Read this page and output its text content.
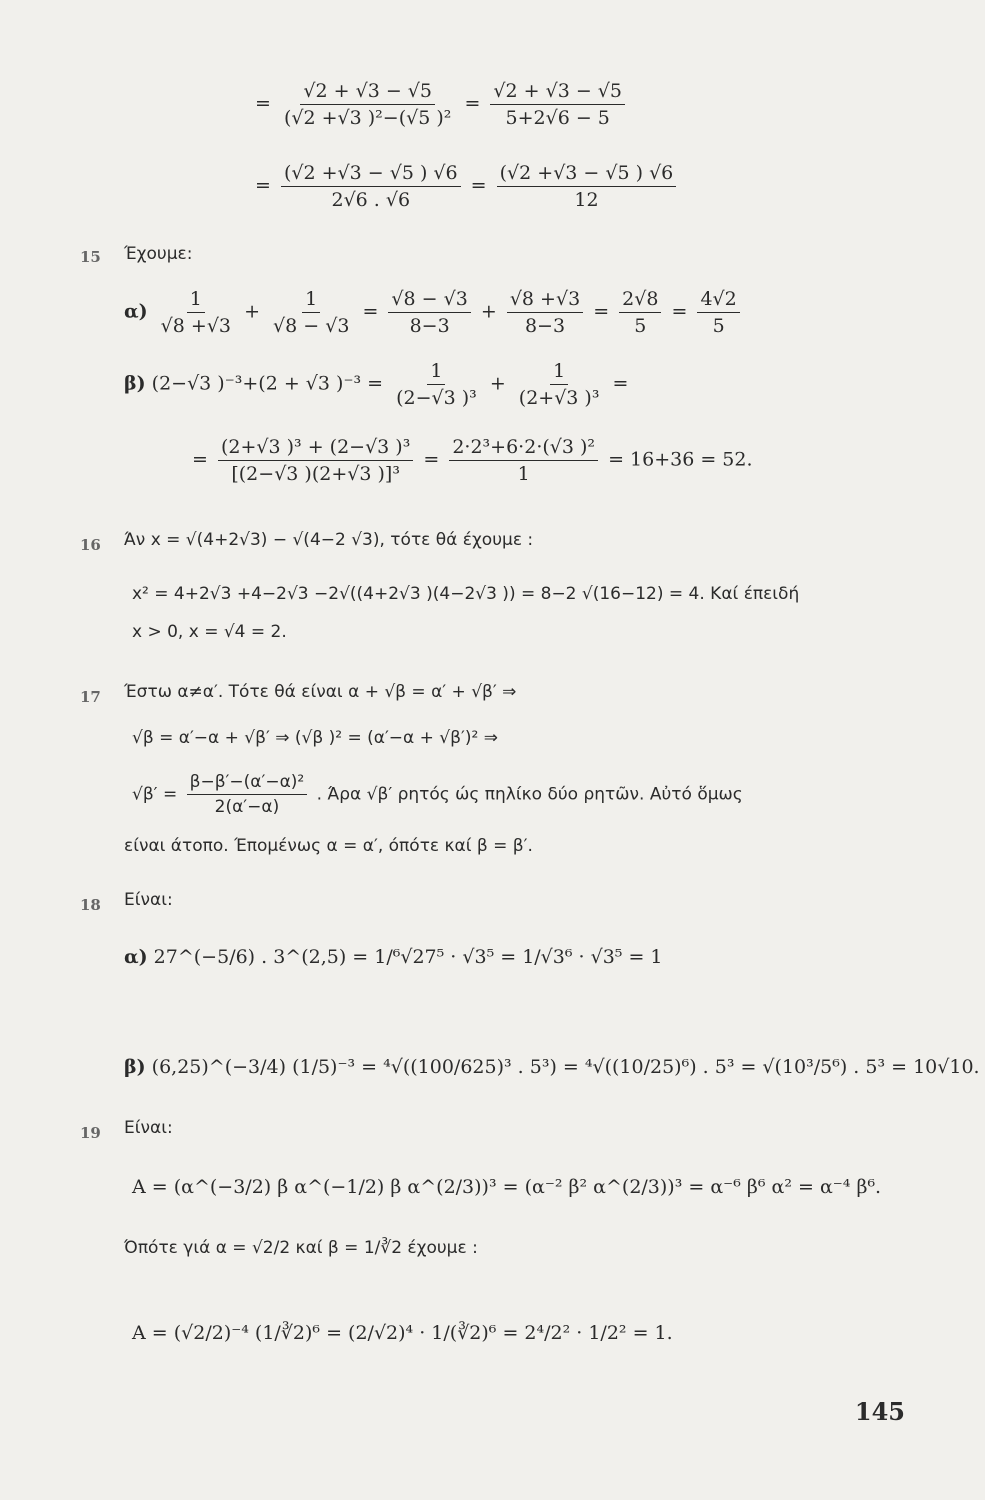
= $\frac{√2 + √3 - √5}{\text{(√2 +√3 )²−(√5 )²}} = \frac{√2 + √3 - √5}{5+2√6 - 5}$
= $\frac{(√2 +√3 - √5 ) √6}{2√6 . √6} = \frac{(√2 +√3 - √5 ) √6}{12}$
15 Έχουμε:
$\alpha) \frac{1}{√8 +√3} + \frac{1}{√8 - √3} = \frac{√8 - √3}{8-3} + \frac{√8 +√3}{8-3} = \frac{2√8}{5} = \frac{4√2}{5}$
β) (2−√3 )⁻³+(2 + √3 )$^{-3} = \frac{1}{\text{(2−√3 )³}} + \frac{1}{\text{(2+√3 )³}}$ =
= $\frac{\text{(2+√3 )³ + (2−√3 )³}}{\text{[(2−√3 )(2+√3 )]³}} = \frac{\text{2·2³+6·2·(√3 )²}}{1} = 16+36 = 52$.
16 Άν x = √(4+2√3) − √(4−2 √3), τότε θά έχουμε :
x² = 4+2√3 +4−2√3 −2√((4+2√3 )(4−2√3 )) = 8−2 √(16−12) = 4. Καί έπειδή
x > 0, x = √4 = 2.
17 Έστω α≠α′. Τότε θά είναι α + √β = α′ + √β′ ⇒
√β = α′−α + √β′ ⇒ (√β )² = (α′−α + √β′)² ⇒
$√\beta' = \frac{\text{β−β′−(α′−α)²}}{2(\alpha'-\alpha)}$ . Άρα √β′ ρητός ώς πηλίκο δύο ρητῶν. Αὐτό ὅμως
είναι άτοπο. Έπομένως α = α′, όπότε καί β = β′.
18 Είναι:
α) 27^(−5/6) . 3^(2,5) = 1/⁶√27⁵ · √3⁵ = 1/√3⁶ · √3⁵ = 1
β) (6,25)^(−3/4) (1/5)⁻³ = ⁴√((100/625)³ . 5³) = ⁴√((10/25)⁶) . 5³ = √(10³/5⁶) . 5³ = 10√10.
19 Είναι:
A = (α^(−3/2) β α^(−1/2) β α^(2/3))³ = (α⁻² β² α^(2/3))³ = α⁻⁶ β⁶ α² = α⁻⁴ β⁶.
Όπότε γιά α = √2/2 καί β = 1/∛2 έχουμε :
A = (√2/2)⁻⁴ (1/∛2)⁶ = (2/√2)⁴ · 1/(∛2)⁶ = 2⁴/2² · 1/2² = 1.
145
